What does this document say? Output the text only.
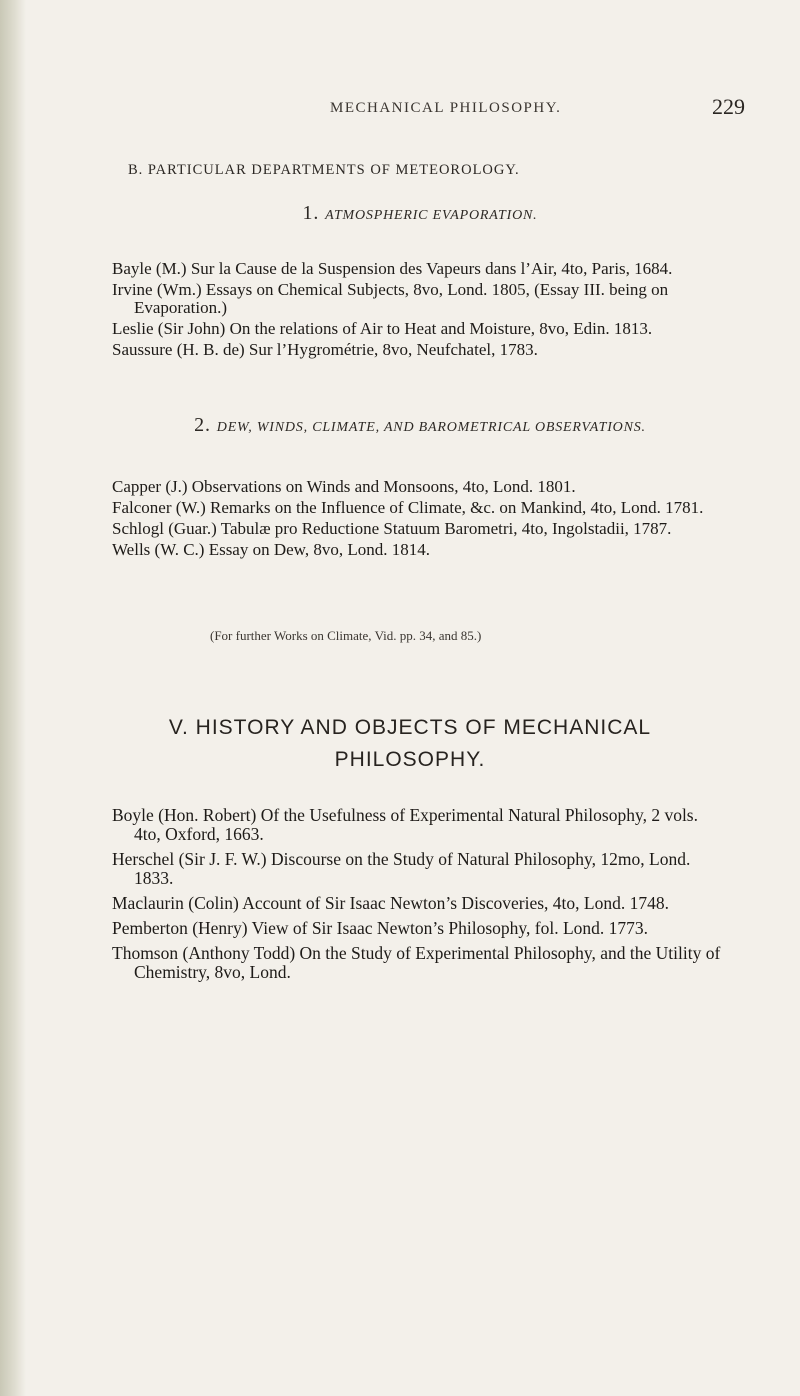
MECHANICAL PHILOSOPHY.	229
B. PARTICULAR DEPARTMENTS OF METEOROLOGY.
1. ATMOSPHERIC EVAPORATION.
Bayle (M.) Sur la Cause de la Suspension des Vapeurs dans l’Air, 4to, Paris, 1684.
Irvine (Wm.) Essays on Chemical Subjects, 8vo, Lond. 1805, (Essay III. being on Evaporation.)
Leslie (Sir John) On the relations of Air to Heat and Moisture, 8vo, Edin. 1813.
Saussure (H. B. de) Sur l’Hygrométrie, 8vo, Neufchatel, 1783.
2. DEW, WINDS, CLIMATE, AND BAROMETRICAL OBSERVATIONS.
Capper (J.) Observations on Winds and Monsoons, 4to, Lond. 1801.
Falconer (W.) Remarks on the Influence of Climate, &c. on Mankind, 4to, Lond. 1781.
Schlogl (Guar.) Tabulæ pro Reductione Statuum Barometri, 4to, Ingolstadii, 1787.
Wells (W. C.) Essay on Dew, 8vo, Lond. 1814.
(For further Works on Climate, Vid. pp. 34, and 85.)
V. HISTORY AND OBJECTS OF MECHANICAL PHILOSOPHY.
Boyle (Hon. Robert) Of the Usefulness of Experimental Natural Philosophy, 2 vols. 4to, Oxford, 1663.
Herschel (Sir J. F. W.) Discourse on the Study of Natural Philosophy, 12mo, Lond. 1833.
Maclaurin (Colin) Account of Sir Isaac Newton’s Discoveries, 4to, Lond. 1748.
Pemberton (Henry) View of Sir Isaac Newton’s Philosophy, fol. Lond. 1773.
Thomson (Anthony Todd) On the Study of Experimental Philosophy, and the Utility of Chemistry, 8vo, Lond.
